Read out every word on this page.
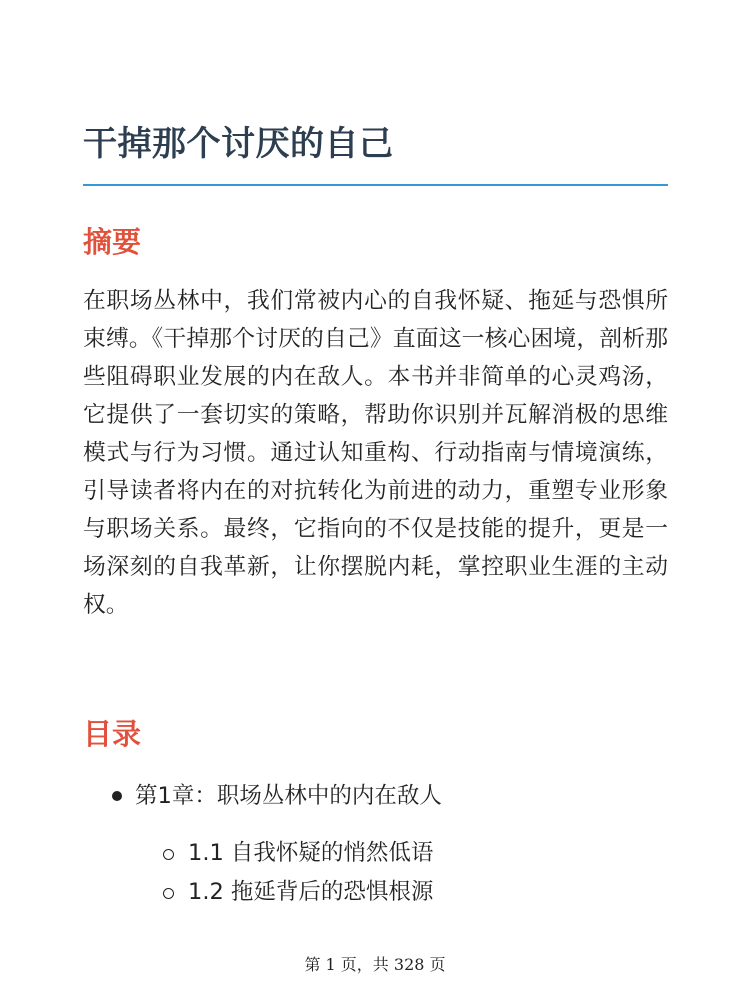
干掉那个讨厌的自己
摘要

在职场丛林中，我们常被内心的自我怀疑、拖延与恐惧所束缚。《干掉那个讨厌的自己》直面这一核心困境，剖析那些阻碍职业发展的内在敌人。本书并非简单的心灵鸡汤，它提供了一套切实的策略，帮助你识别并瓦解消极的思维模式与行为习惯。通过认知重构、行动指南与情境演练，引导读者将内在的对抗转化为前进的动力，重塑专业形象与职场关系。最终，它指向的不仅是技能的提升，更是一场深刻的自我革新，让你摆脱内耗，掌控职业生涯的主动权。

目录
第1章：职场丛林中的内在敌人
1.1 自我怀疑的悄然低语
1.2 拖延背后的恐惧根源
第 1 页，共 328 页
